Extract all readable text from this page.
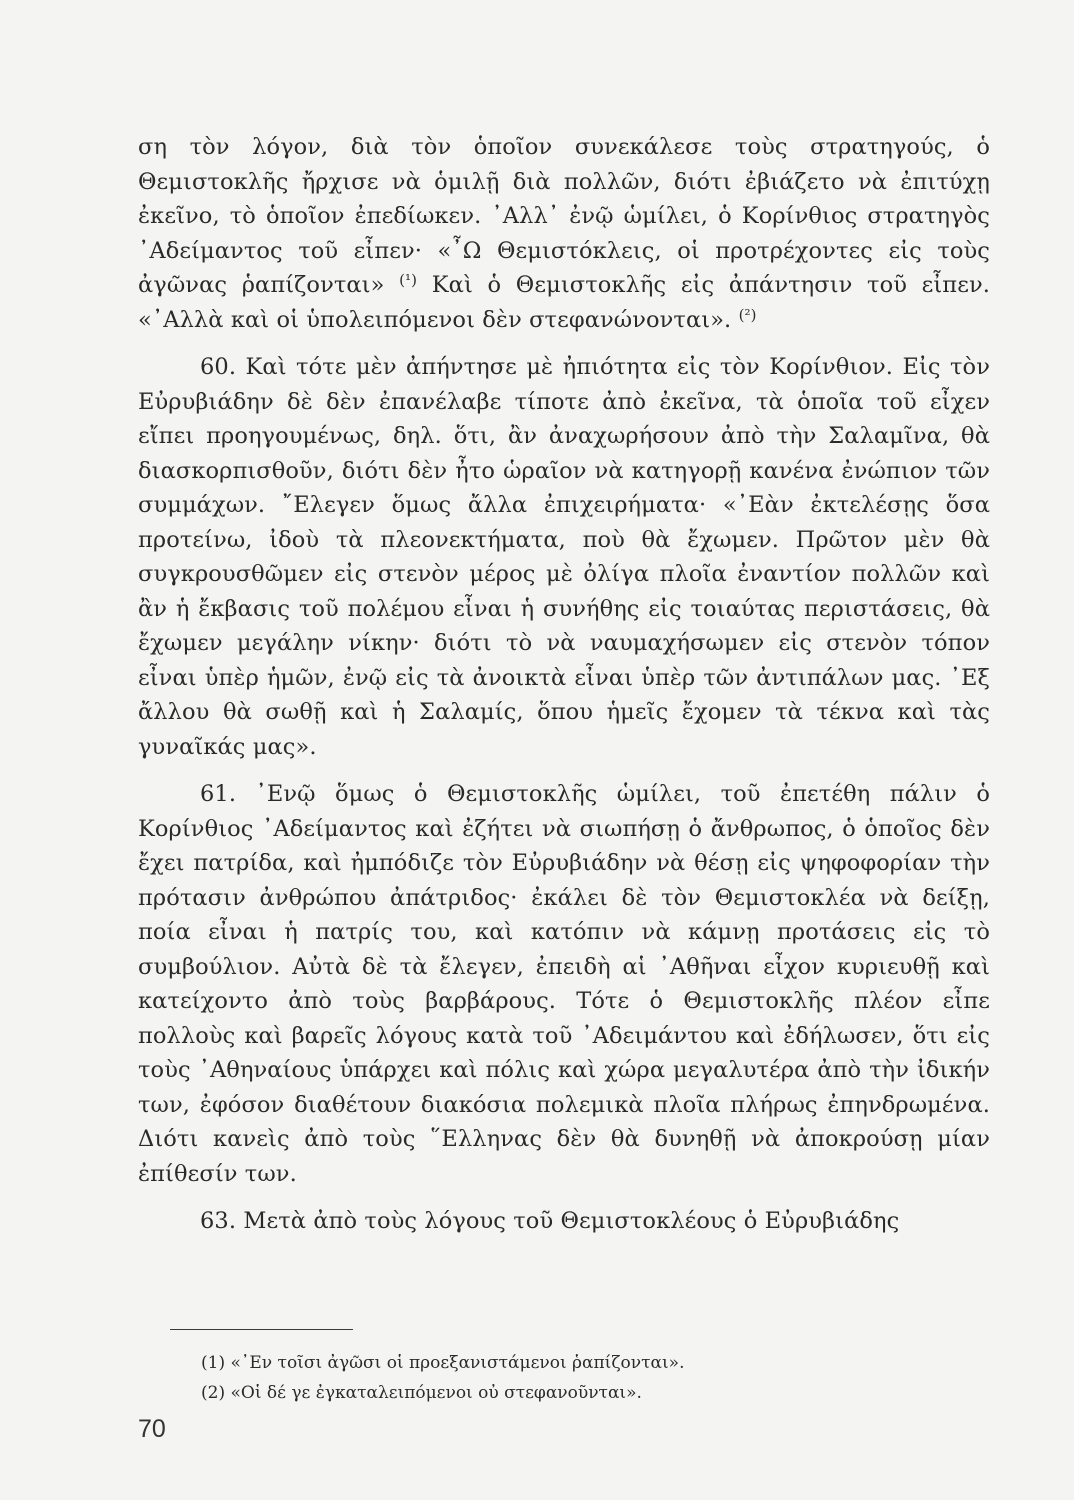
ση τὸν λόγον, διὰ τὸν ὁποῖον συνεκάλεσε τοὺς στρατηγούς, ὁ Θεμιστοκλῆς ἤρχισε νὰ ὁμιλῇ διὰ πολλῶν, διότι ἐβιάζετο νὰ ἐπιτύχῃ ἐκεῖνο, τὸ ὁποῖον ἐπεδίωκεν. ᾿Αλλ᾿ ἐνῷ ὡμίλει, ὁ Κορίνθιος στρατηγὸς ᾿Αδείμαντος τοῦ εἶπεν· «῏Ω Θεμιστόκλεις, οἱ προτρέχοντες εἰς τοὺς ἀγῶνας ῥαπίζονται» $^{(^1)}$ Καὶ ὁ Θεμιστοκλῆς εἰς ἀπάντησιν τοῦ εἶπεν. «᾿Αλλὰ καὶ οἱ ὑπολειπόμενοι δὲν στεφανώνονται». $^{(^2)}$

60. Καὶ τότε μὲν ἀπήντησε μὲ ἠπιότητα εἰς τὸν Κορίνθιον. Εἰς τὸν Εὐρυβιάδην δὲ δὲν ἐπανέλαβε τίποτε ἀπὸ ἐκεῖνα, τὰ ὁποῖα τοῦ εἶχεν εἴπει προηγουμένως, δηλ. ὅτι, ἂν ἀναχωρήσουν ἀπὸ τὴν Σαλαμῖνα, θὰ διασκορπισθοῦν, διότι δὲν ἦτο ὡραῖον νὰ κατηγορῇ κανένα ἐνώπιον τῶν συμμάχων. ῎Ελεγεν ὅμως ἄλλα ἐπιχειρήματα· «᾿Εὰν ἐκτελέσῃς ὅσα προτείνω, ἰδοὺ τὰ πλεονεκτήματα, ποὺ θὰ ἔχωμεν. Πρῶτον μὲν θὰ συγκρουσθῶμεν εἰς στενὸν μέρος μὲ ὀλίγα πλοῖα ἐναντίον πολλῶν καὶ ἂν ἡ ἔκβασις τοῦ πολέμου εἶναι ἡ συνήθης εἰς τοιαύτας περιστάσεις, θὰ ἔχωμεν μεγάλην νίκην· διότι τὸ νὰ ναυμαχήσωμεν εἰς στενὸν τόπον εἶναι ὑπὲρ ἡμῶν, ἐνῷ εἰς τὰ ἀνοικτὰ εἶναι ὑπὲρ τῶν ἀντιπάλων μας. ᾿Εξ ἄλλου θὰ σωθῇ καὶ ἡ Σαλαμίς, ὅπου ἡμεῖς ἔχομεν τὰ τέκνα καὶ τὰς γυναῖκάς μας».

61. ᾿Ενῷ ὅμως ὁ Θεμιστοκλῆς ὡμίλει, τοῦ ἐπετέθη πάλιν ὁ Κορίνθιος ᾿Αδείμαντος καὶ ἐζήτει νὰ σιωπήσῃ ὁ ἄνθρωπος, ὁ ὁποῖος δὲν ἔχει πατρίδα, καὶ ἠμπόδιζε τὸν Εὐρυβιάδην νὰ θέσῃ εἰς ψηφοφορίαν τὴν πρότασιν ἀνθρώπου ἀπάτριδος· ἐκάλει δὲ τὸν Θεμιστοκλέα νὰ δείξῃ, ποία εἶναι ἡ πατρίς του, καὶ κατόπιν νὰ κάμνῃ προτάσεις εἰς τὸ συμβούλιον. Αὐτὰ δὲ τὰ ἔλεγεν, ἐπειδὴ αἱ ᾿Αθῆναι εἶχον κυριευθῇ καὶ κατείχοντο ἀπὸ τοὺς βαρβάρους. Τότε ὁ Θεμιστοκλῆς πλέον εἶπε πολλοὺς καὶ βαρεῖς λόγους κατὰ τοῦ ᾿Αδειμάντου καὶ ἐδήλωσεν, ὅτι εἰς τοὺς ᾿Αθηναίους ὑπάρχει καὶ πόλις καὶ χώρα μεγαλυτέρα ἀπὸ τὴν ἰδικήν των, ἐφόσον διαθέτουν διακόσια πολεμικὰ πλοῖα πλήρως ἐπηνδρωμένα. Διότι κανεὶς ἀπὸ τοὺς ῞Ελληνας δὲν θὰ δυνηθῇ νὰ ἀποκρούσῃ μίαν ἐπίθεσίν των.

63. Μετὰ ἀπὸ τοὺς λόγους τοῦ Θεμιστοκλέους ὁ Εὐρυβιάδης

(1) «᾿Εν τοῖσι ἀγῶσι οἱ προεξανιστάμενοι ῥαπίζονται».
(2) «Οἱ δέ γε ἐγκαταλειπόμενοι οὐ στεφανοῦνται».
70
